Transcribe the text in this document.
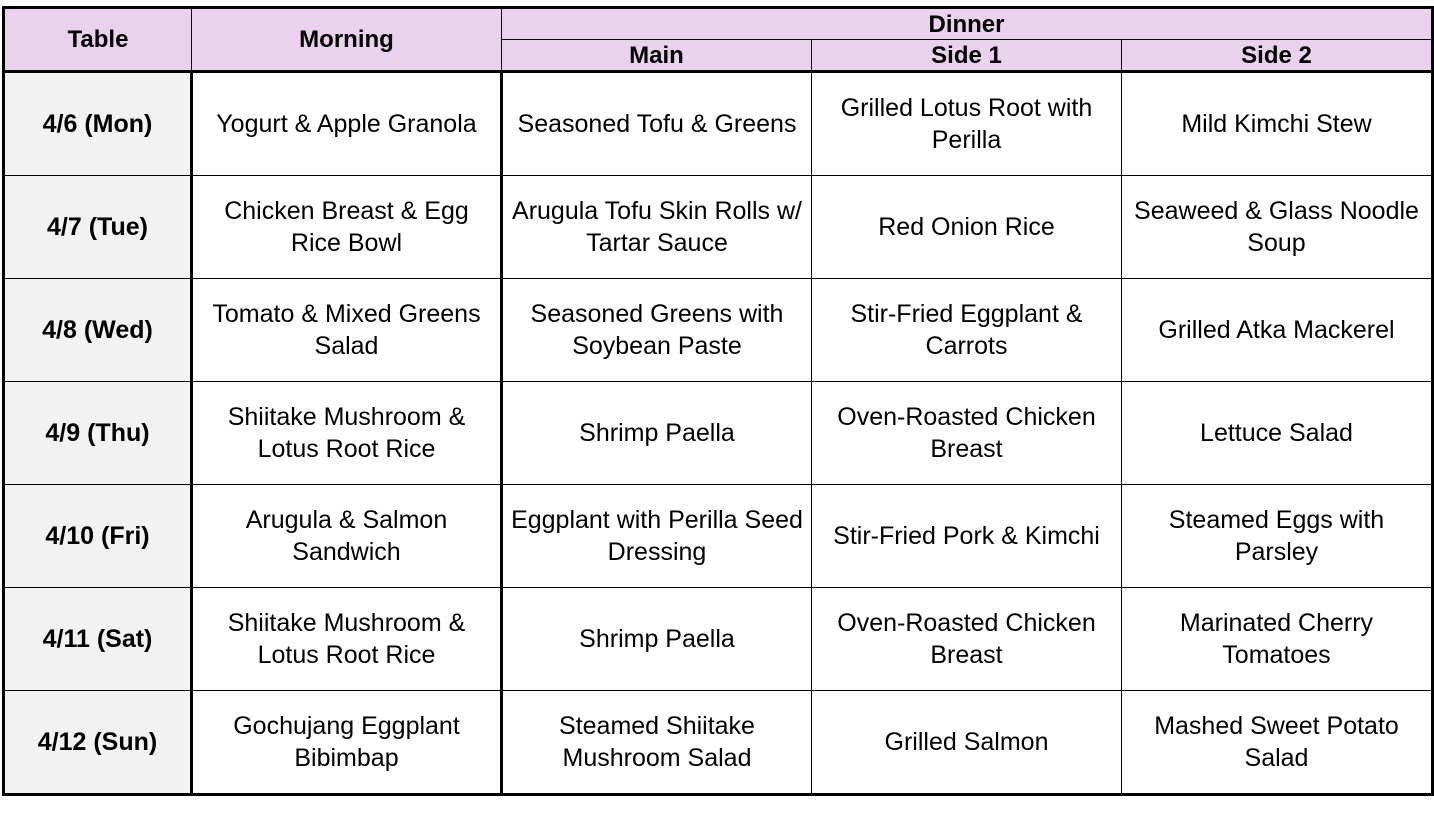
Table	Morning	Dinner		
		Main	Side 1	Side 2
4/6 (Mon)	Yogurt & Apple Granola	Seasoned Tofu & Greens	Grilled Lotus Root with Perilla	Mild Kimchi Stew
4/7 (Tue)	Chicken Breast & Egg Rice Bowl	Arugula Tofu Skin Rolls w/ Tartar Sauce	Red Onion Rice	Seaweed & Glass Noodle Soup
4/8 (Wed)	Tomato & Mixed Greens Salad	Seasoned Greens with Soybean Paste	Stir-Fried Eggplant & Carrots	Grilled Atka Mackerel
4/9 (Thu)	Shiitake Mushroom & Lotus Root Rice	Shrimp Paella	Oven-Roasted Chicken Breast	Lettuce Salad
4/10 (Fri)	Arugula & Salmon Sandwich	Eggplant with Perilla Seed Dressing	Stir-Fried Pork & Kimchi	Steamed Eggs with Parsley
4/11 (Sat)	Shiitake Mushroom & Lotus Root Rice	Shrimp Paella	Oven-Roasted Chicken Breast	Marinated Cherry Tomatoes
4/12 (Sun)	Gochujang Eggplant Bibimbap	Steamed Shiitake Mushroom Salad	Grilled Salmon	Mashed Sweet Potato Salad
